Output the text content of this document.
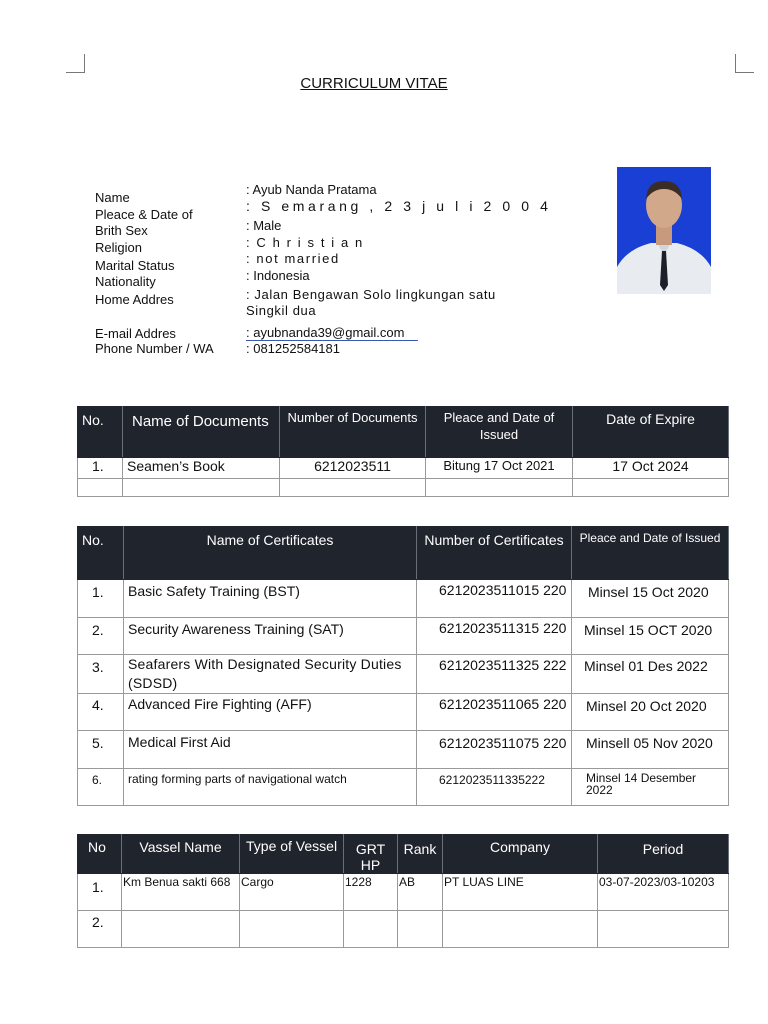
CURRICULUM VITAE
Name
: Ayub Nanda Pratama
Pleace & Date of
: S emarang , 2 3 j u l i 2 0 0 4
Brith Sex	: Male
Religion	: C h r i s t i a n
Marital Status	: not married
Nationality	: Indonesia
Home Addres	: Jalan Bengawan Solo lingkungan satu
Singkil dua
E-mail Addres	: ayubnanda39@gmail.com
Phone Number / WA : 081252584181
No.	Name of Documents	Number of Documents	Pleace and Date of Issued	Date of Expire
1.	Seamen’s Book	6212023511	Bitung 17 Oct 2021	17 Oct 2024

No.	Name of Certificates	Number of Certificates	Pleace and Date of Issued
1.	Basic Safety Training (BST)	6212023511015 220	Minsel 15 Oct 2020
2.	Security Awareness Training (SAT)	6212023511315 220	Minsel 15 OCT 2020
3.	Seafarers With Designated Security Duties (SDSD)	6212023511325 222	Minsel 01 Des 2022
4.	Advanced Fire Fighting (AFF)	6212023511065 220	Minsel 20 Oct 2020
5.	Medical First Aid	6212023511075 220	Minsell 05 Nov 2020
6.	rating forming parts of navigational watch	6212023511335222	Minsel 14 Desember 2022
No	Vassel Name	Type of Vessel	GRT HP	Rank	Company	Period
1.	Km Benua sakti 668	Cargo	1228	AB	PT LUAS LINE	03-07-2023/03-10203
2.						
